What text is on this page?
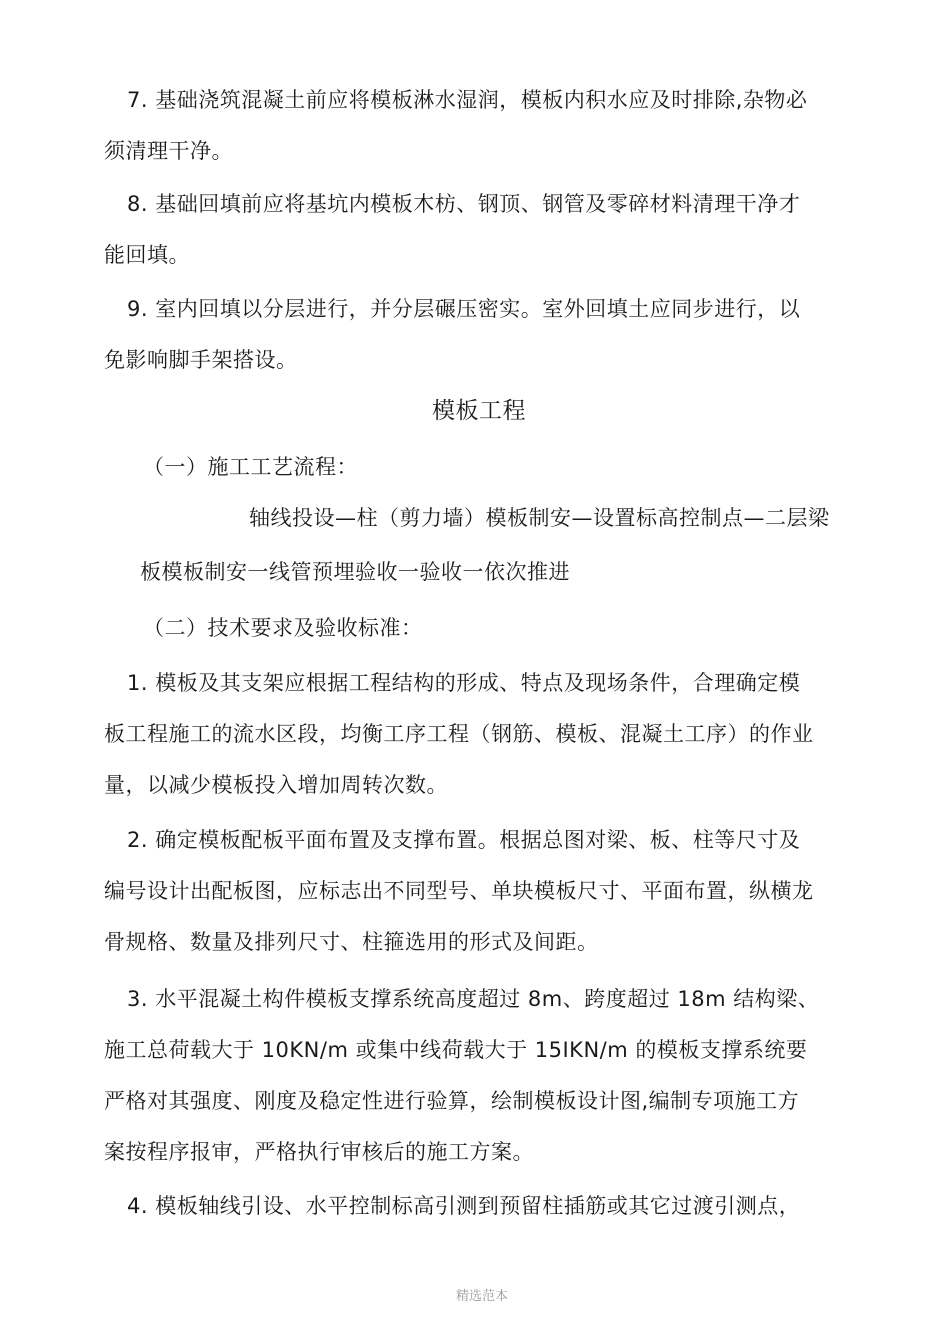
7. 基础浇筑混凝土前应将模板淋水湿润，模板内积水应及时排除,杂物必
须清理干净。
8. 基础回填前应将基坑内模板木枋、钢顶、钢管及零碎材料清理干净才
能回填。
9. 室内回填以分层进行，并分层碾压密实。室外回填土应同步进行，以
免影响脚手架搭设。
模板工程
（一）施工工艺流程：
轴线投设—柱（剪力墙）模板制安—设置标高控制点—二层梁
板模板制安一线管预埋验收一验收一依次推进
（二）技术要求及验收标准：
1. 模板及其支架应根据工程结构的形成、特点及现场条件，合理确定模
板工程施工的流水区段，均衡工序工程（钢筋、模板、混凝土工序）的作业
量，以减少模板投入增加周转次数。
2. 确定模板配板平面布置及支撑布置。根据总图对梁、板、柱等尺寸及
编号设计出配板图，应标志出不同型号、单块模板尺寸、平面布置，纵横龙
骨规格、数量及排列尺寸、柱箍选用的形式及间距。
3. 水平混凝土构件模板支撑系统高度超过 8m、跨度超过 18m 结构梁、
施工总荷载大于 10KN/m 或集中线荷载大于 15IKN/m 的模板支撑系统要
严格对其强度、刚度及稳定性进行验算，绘制模板设计图,编制专项施工方
案按程序报审，严格执行审核后的施工方案。
4. 模板轴线引设、水平控制标高引测到预留柱插筋或其它过渡引测点，
精选范本
